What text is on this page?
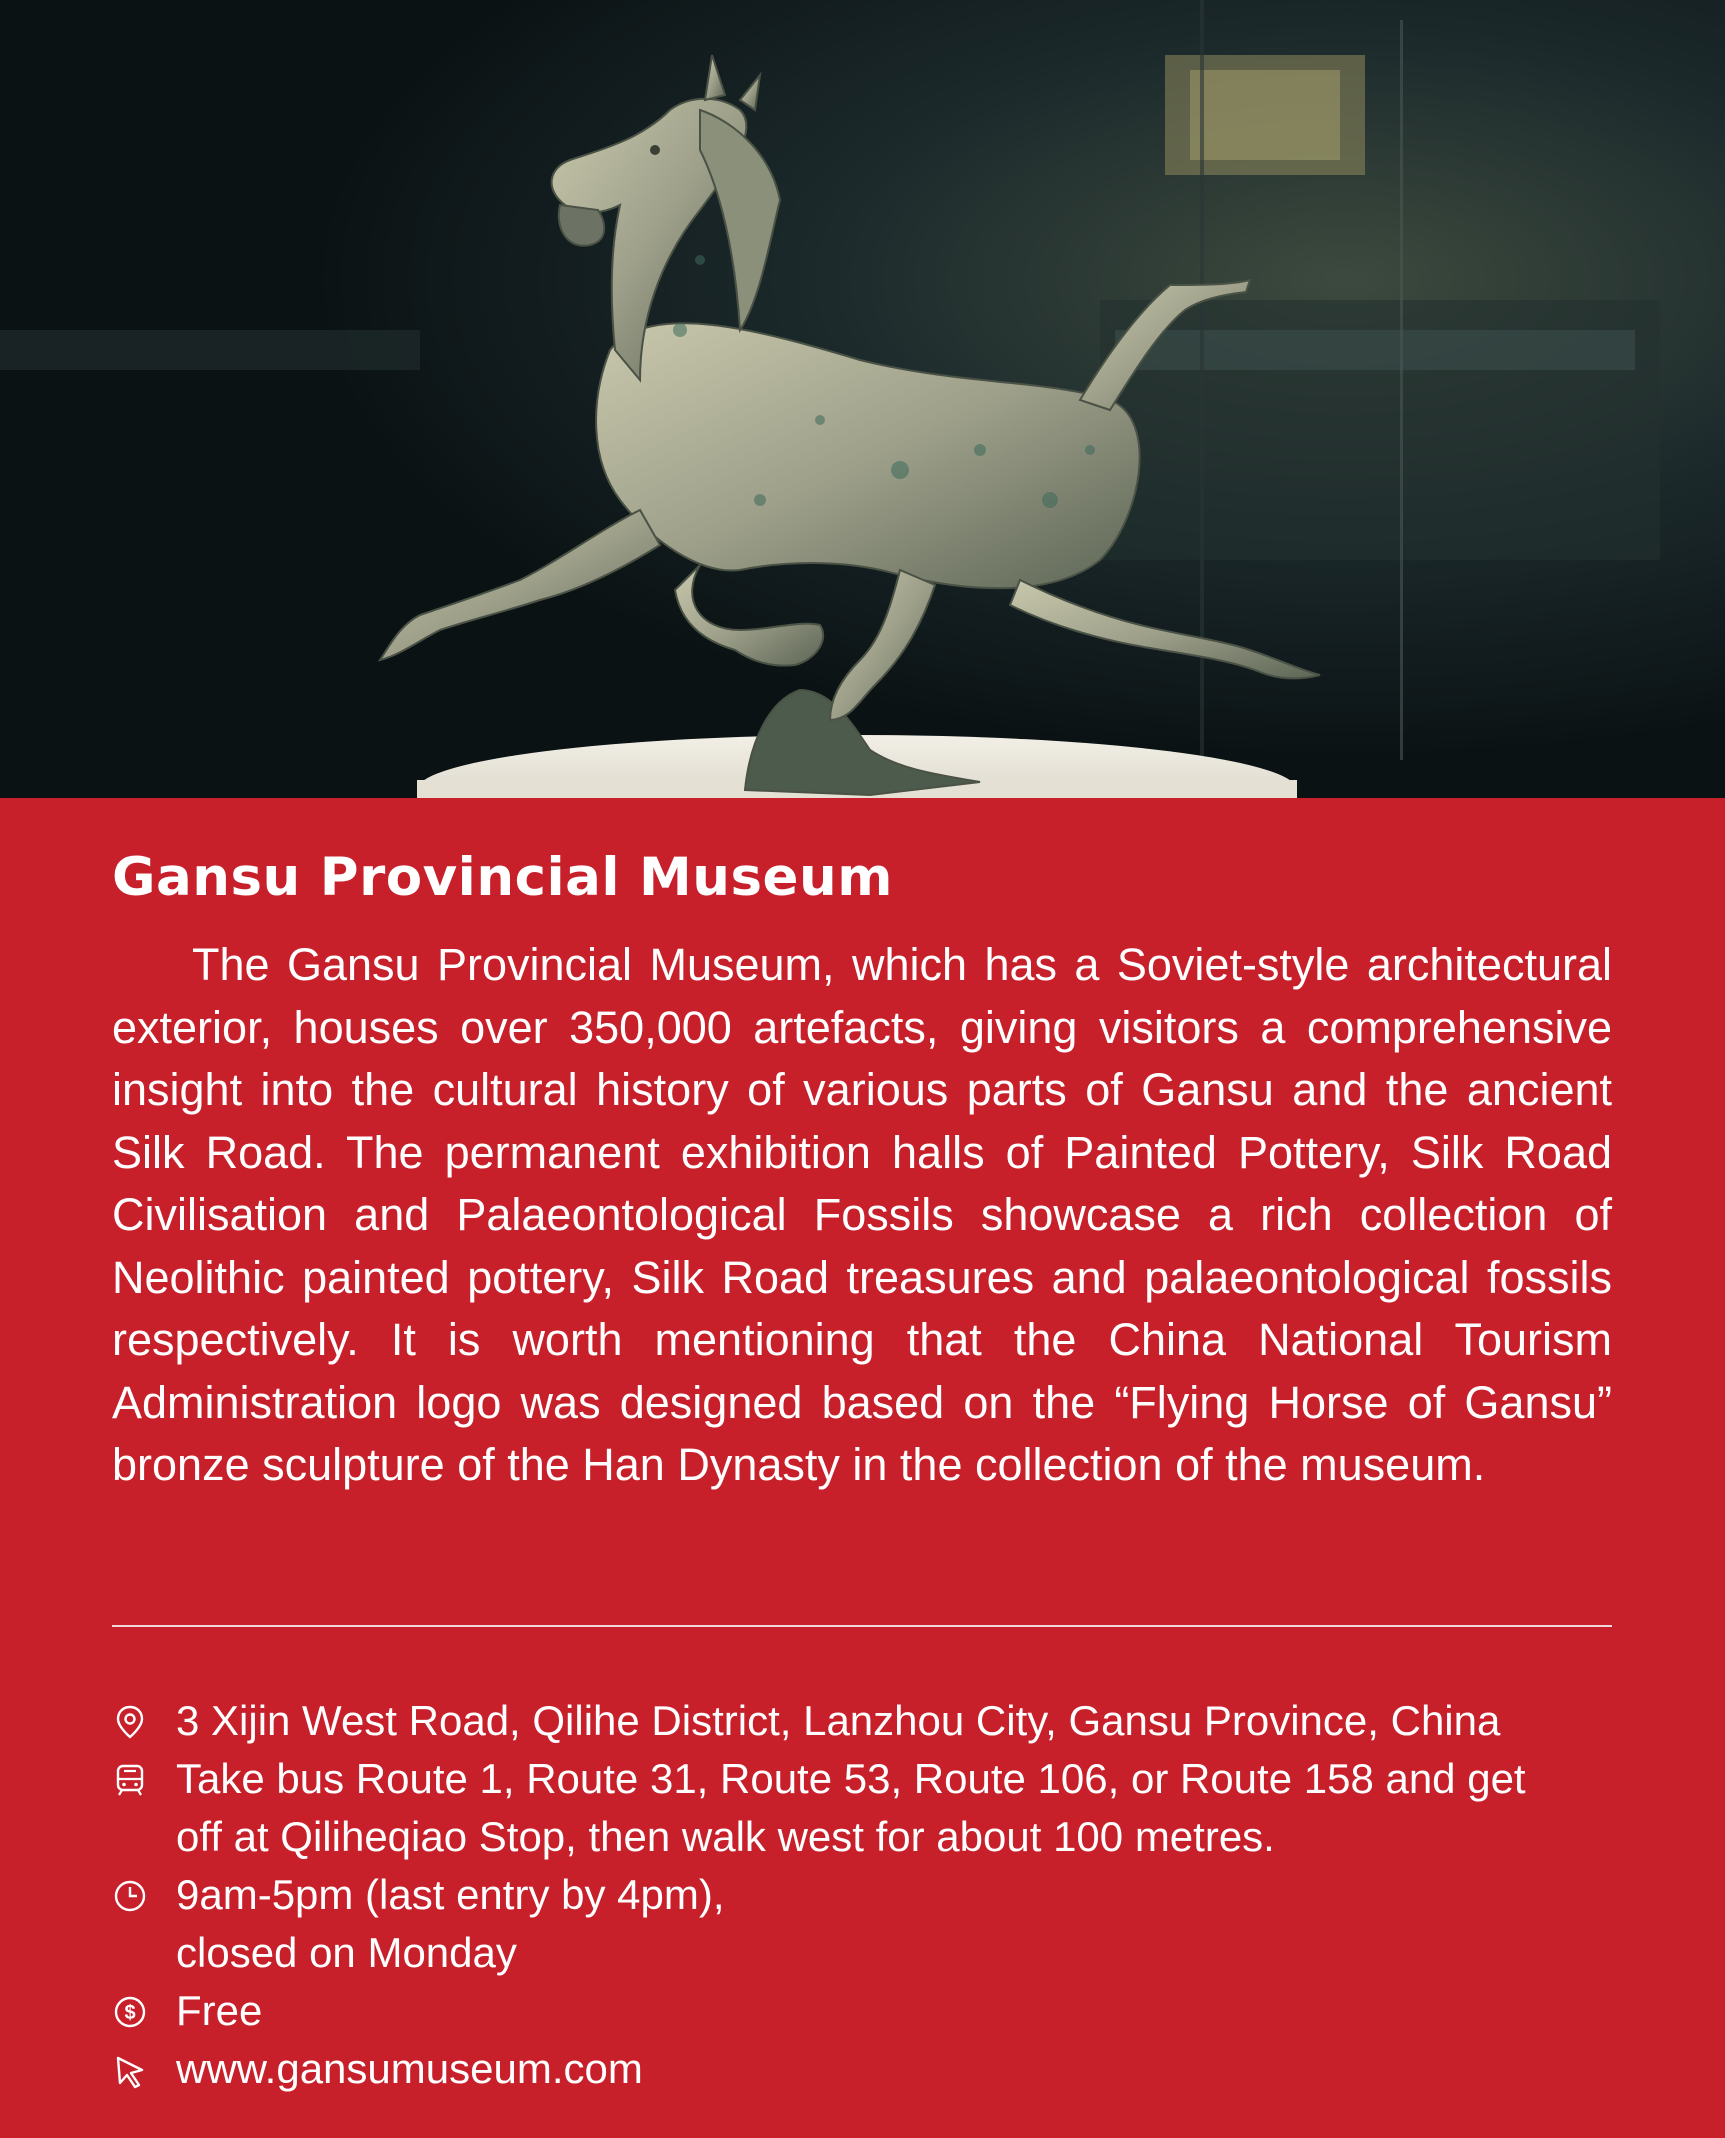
Gansu Provincial Museum

The Gansu Provincial Museum, which has a Soviet-style architectural exterior, houses over 350,000 artefacts, giving visitors a comprehensive insight into the cultural history of various parts of Gansu and the ancient Silk Road. The permanent exhibition halls of Painted Pottery, Silk Road Civilisation and Palaeontological Fossils showcase a rich collection of Neolithic painted pottery, Silk Road treasures and palaeontological fossils respectively. It is worth mentioning that the China National Tourism Administration logo was designed based on the “Flying Horse of Gansu” bronze sculpture of the Han Dynasty in the collection of the museum.

3 Xijin West Road, Qilihe District, Lanzhou City, Gansu Province, China

Take bus Route 1, Route 31, Route 53, Route 106, or Route 158 and get
off at Qiliheqiao Stop, then walk west for about 100 metres.

9am-5pm (last entry by 4pm),
closed on Monday

$ Free

www.gansumuseum.com
